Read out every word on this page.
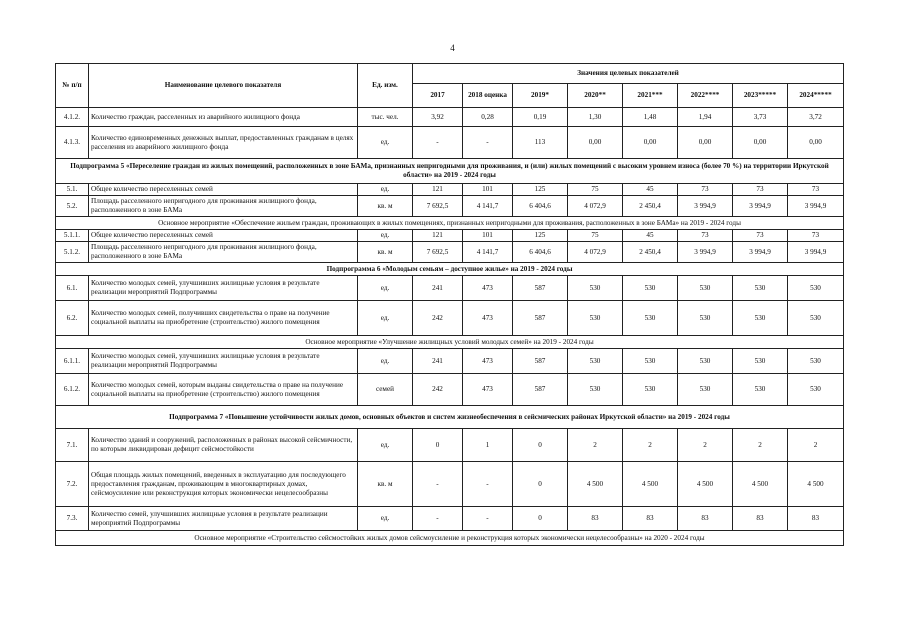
4
№ п/п	Наименование целевого показателя	Ед. изм.	Значения целевых показателей							
			2017	2018 оценка	2019*	2020**	2021***	2022****	2023*****	2024*****
4.1.2.	Количество граждан, расселенных из аварийного жилищного фонда	тыс. чел.	3,92	0,28	0,19	1,30	1,48	1,94	3,73	3,72
4.1.3.	Количество единовременных денежных выплат, предоставленных гражданам в целях расселения из аварийного жилищного фонда	ед.	-	-	113	0,00	0,00	0,00	0,00	0,00
Подпрограмма 5 «Переселение граждан из жилых помещений, расположенных в зоне БАМа, признанных непригодными для проживания, и (или) жилых помещений с высоким уровнем износа (более 70 %) на территории Иркутской области» на 2019 - 2024 годы										
5.1.	Общее количество переселенных семей	ед.	121	101	125	75	45	73	73	73
5.2.	Площадь расселенного непригодного для проживания жилищного фонда, расположенного в зоне БАМа	кв. м	7 692,5	4 141,7	6 404,6	4 072,9	2 450,4	3 994,9	3 994,9	3 994,9
Основное мероприятие «Обеспечение жильем граждан, проживающих в жилых помещениях, признанных непригодными для проживания, расположенных в зоне БАМа» на 2019 - 2024 годы										
5.1.1.	Общее количество переселенных семей	ед.	121	101	125	75	45	73	73	73
5.1.2.	Площадь расселенного непригодного для проживания жилищного фонда, расположенного в зоне БАМа	кв. м	7 692,5	4 141,7	6 404,6	4 072,9	2 450,4	3 994,9	3 994,9	3 994,9
Подпрограмма 6 «Молодым семьям – доступное жилье» на 2019 - 2024 годы										
6.1.	Количество молодых семей, улучшивших жилищные условия в результате реализации мероприятий Подпрограммы	ед.	241	473	587	530	530	530	530	530
6.2.	Количество молодых семей, получивших свидетельства о праве на получение социальной выплаты на приобретение (строительство) жилого помещения	ед.	242	473	587	530	530	530	530	530
Основное мероприятие «Улучшение жилищных условий молодых семей» на 2019 - 2024 годы										
6.1.1.	Количество молодых семей, улучшивших жилищные условия в результате реализации мероприятий Подпрограммы	ед.	241	473	587	530	530	530	530	530
6.1.2.	Количество молодых семей, которым выданы свидетельства о праве на получение социальной выплаты на приобретение (строительство) жилого помещения	семей	242	473	587	530	530	530	530	530
Подпрограмма 7 «Повышение устойчивости жилых домов, основных объектов и систем жизнеобеспечения в сейсмических районах Иркутской области» на 2019 - 2024 годы										
7.1.	Количество зданий и сооружений, расположенных в районах высокой сейсмичности, по которым ликвидирован дефицит сейсмостойкости	ед.	0	1	0	2	2	2	2	2
7.2.	Общая площадь жилых помещений, введенных в эксплуатацию для последующего предоставления гражданам, проживающим в многоквартирных домах, сейсмоусиление или реконструкция которых экономически нецелесообразны	кв. м	-	-	0	4 500	4 500	4 500	4 500	4 500
7.3.	Количество семей, улучшивших жилищные условия в результате реализации мероприятий Подпрограммы	ед.	-	-	0	83	83	83	83	83
Основное мероприятие «Строительство сейсмостойких жилых домов сейсмоусиление и реконструкция которых экономически нецелесообразны» на 2020 - 2024 годы										
